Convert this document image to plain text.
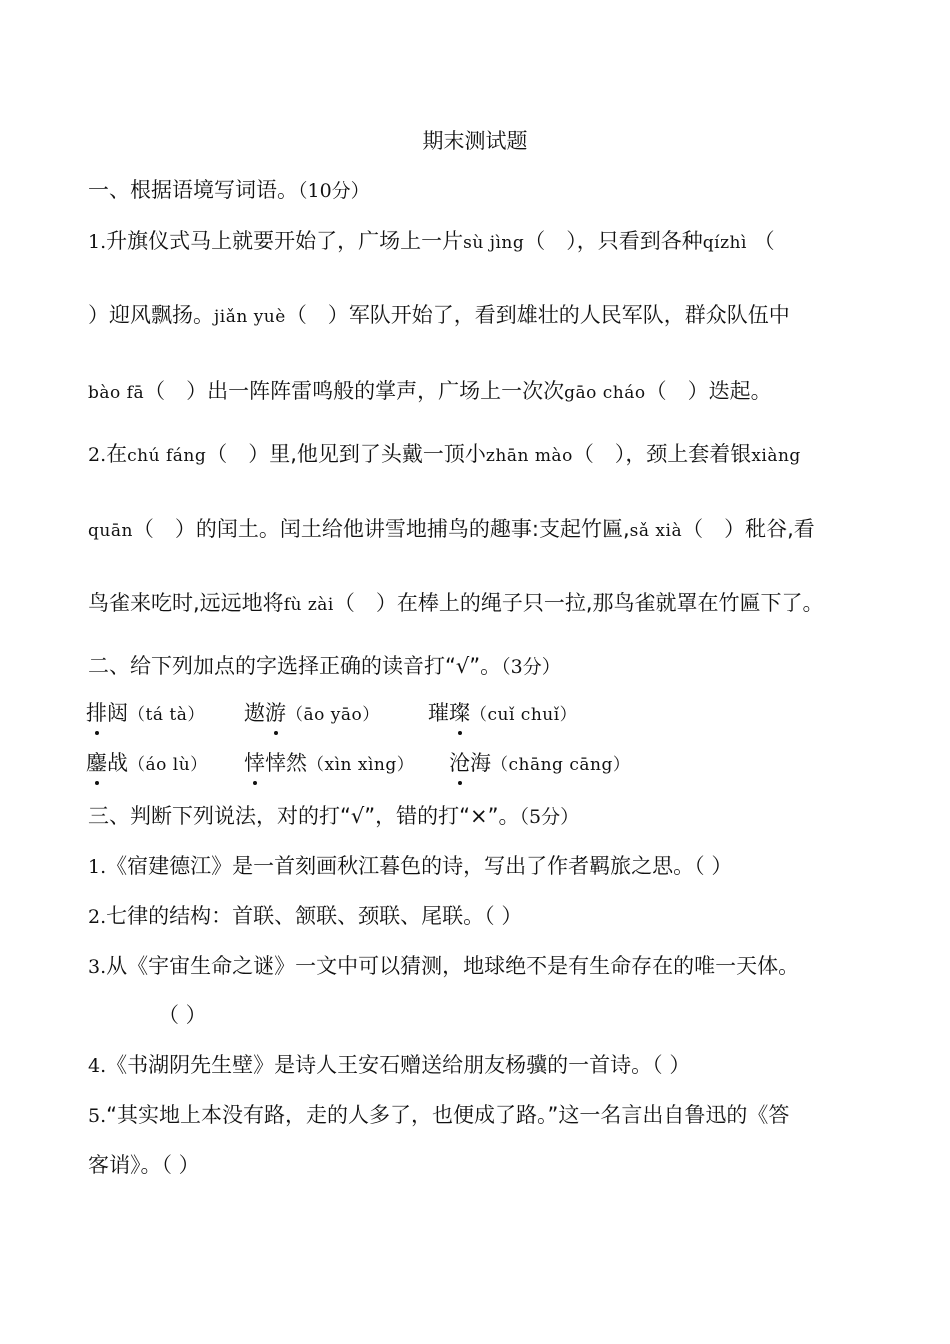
期末测试题
一、根据语境写词语。（10分）
1.升旗仪式马上就要开始了，广场上一片sù jìng（　），只看到各种qízhì （
）迎风飘扬。jiǎn yuè（　）军队开始了，看到雄壮的人民军队，群众队伍中
bào fā（　）出一阵阵雷鸣般的掌声，广场上一次次gāo cháo（　）迭起。
2.在chú fáng（　）里,他见到了头戴一顶小zhān mào（　），颈上套着银xiàng
quān（　）的闰土。闰土给他讲雪地捕鸟的趣事:支起竹匾,sǎ xià（　）秕谷,看
鸟雀来吃时,远远地将fù zài（　）在棒上的绳子只一拉,那鸟雀就罩在竹匾下了。
二、给下列加点的字选择正确的读音打“√”。（3分）
排闼（tá tà） 遨游（āo yāo） 璀璨（cuǐ chuǐ）
鏖战（áo lù） 悻悻然（xìn xìng） 沧海（chāng cāng）
三、判断下列说法，对的打“√”，错的打“×”。（5分）
1.《宿建德江》是一首刻画秋江暮色的诗，写出了作者羁旅之思。（ ）
2.七律的结构：首联、颔联、颈联、尾联。（ ）
3.从《宇宙生命之谜》一文中可以猜测，地球绝不是有生命存在的唯一天体。
（ ）
4.《书湖阴先生壁》是诗人王安石赠送给朋友杨骥的一首诗。（ ）
5.“其实地上本没有路，走的人多了，也便成了路。”这一名言出自鲁迅的《答
客诮》。（ ）
